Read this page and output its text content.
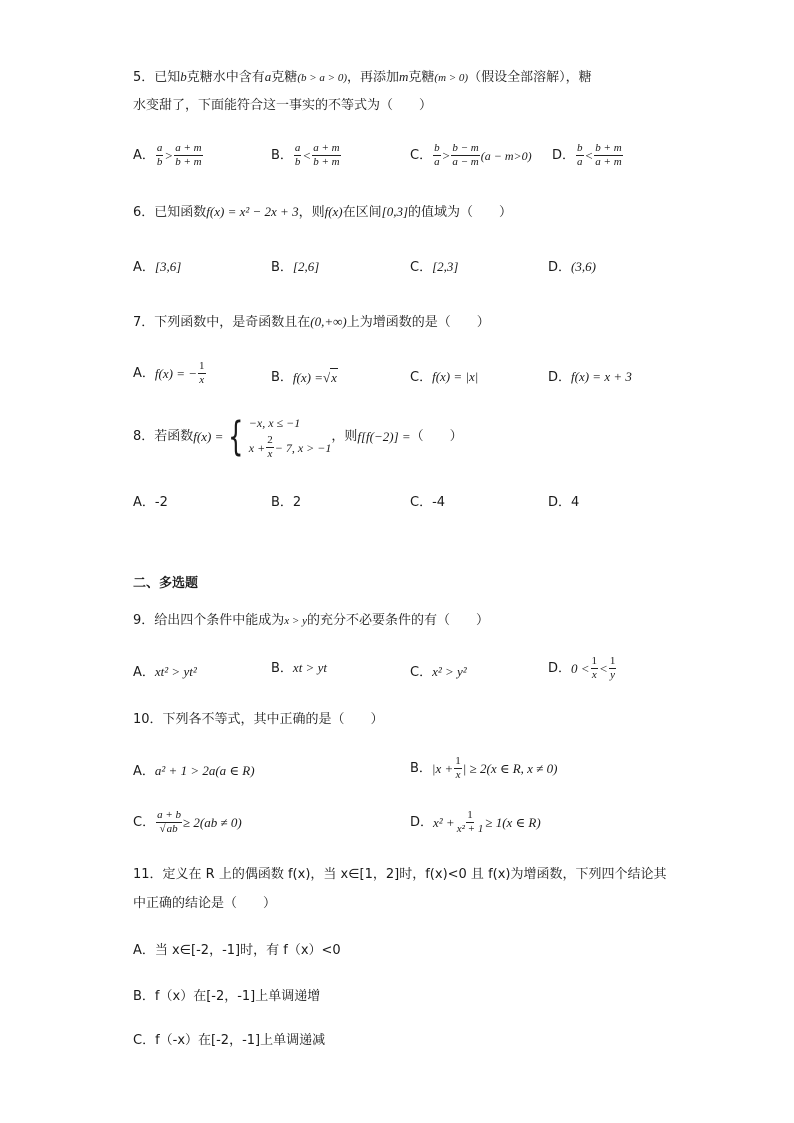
5．已知b克糖水中含有a克糖(b > a > 0)，再添加m克糖(m > 0)（假设全部溶解），糖
水变甜了，下面能符合这一事实的不等式为（　　）
A． $\frac{a}{b} > \frac{a + m}{b + m}$	B． $\frac{a}{b} < \frac{a + m}{b + m}$	C． $\frac{b}{a} > \frac{b - m}{a - m} (a - m>0)$ D． $\frac{b}{a} < \frac{b + m}{a + m}$
6．已知函数f(x) = x² − 2x + 3，则f(x)在区间[0,3]的值域为（　　）
A．[3,6]	B．[2,6]	C．[2,3]	D．(3,6)
7．下列函数中，是奇函数且在(0,+∞)上为增函数的是（　　）
A． f(x) = − $\frac{1}{x}$	B． f(x) = √ x	C．f(x) = |x|	D．f(x) = x + 3
8．若函数 f(x) = { −x, x ≤ −1
$x + \frac{2}{x} - 7$, x > −1
，则 f[f(−2)] = （　　）
A．-2	B．2	C．-4	D．4
二、多选题
9．给出四个条件中能成为x > y的充分不必要条件的有（　　）
A．xt² > yt²	B．xt > yt	C．x² > y²	D． $0 < \frac{1}{x} < \frac{1}{y}$
10．下列各不等式，其中正确的是（　　）
A．a² + 1 > 2a(a ∈ R)	B． $|x + \frac{1}{x}$ | ≥ 2(x ∈ R, x ≠ 0)
C． $\frac{a + b}{√ab} \ge 2(ab \ne 0)$	D． $x^2 + \frac{1}{\text{x² + 1}} \ge 1(x$ ∈ R)
11．定义在 R 上的偶函数 f(x)，当 x∈[1，2]时，f(x)<0 且 f(x)为增函数，下列四个结论其
中正确的结论是（　　）
A．当 x∈[-2，-1]时，有 f（x）<0
B．f（x）在[-2，-1]上单调递增
C．f（-x）在[-2，-1]上单调递减
